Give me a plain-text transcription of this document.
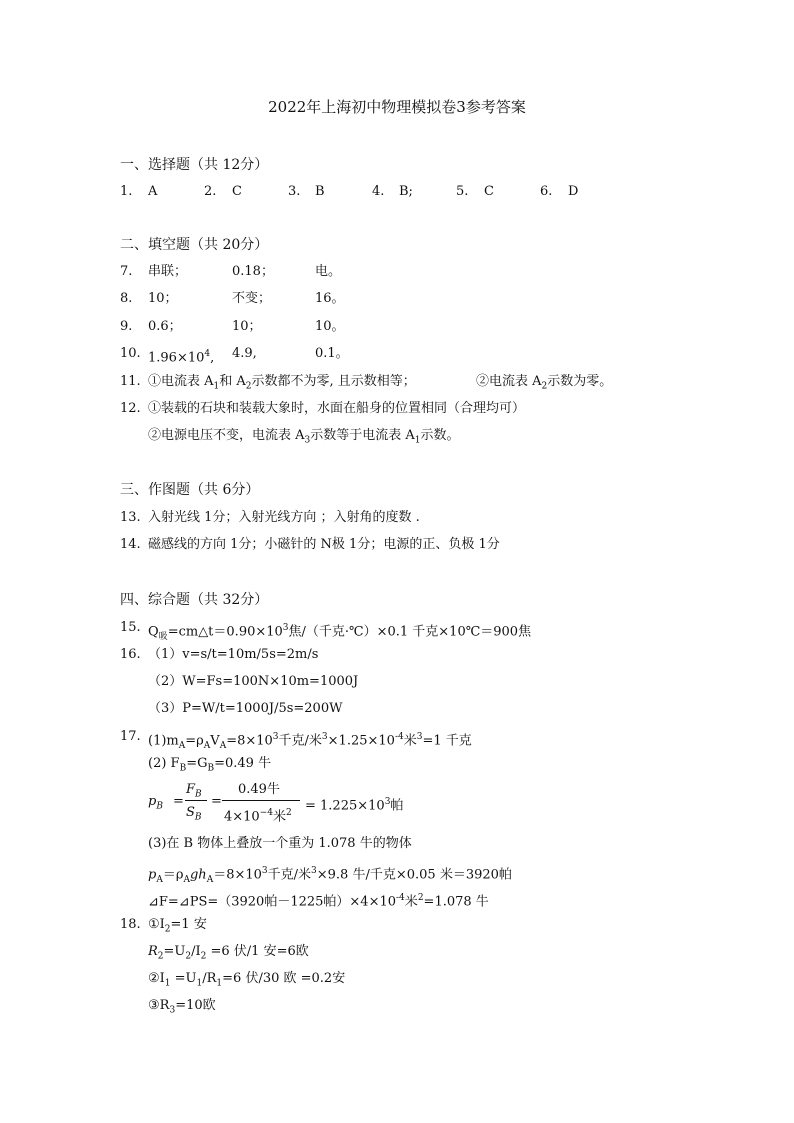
2022年上海初中物理模拟卷3参考答案
一、选择题（共 12分）
1. A	2. C	3. B	4. B;	5. C	6. D
二、填空题（共 20分）
7. 串联；	0.18；	电。
8. 10；	不变；	16。
9. 0.6；	10；	10。
10. $1.96\times 10^4$, 4.9,	0.1。
11. ①电流表 $A_1$和 $A_2$示数都不为零, 且示数相等；	②电流表 $A_2$示数为零。
12. ①装载的石块和装载大象时，水面在船身的位置相同（合理均可）
②电源电压不变，电流表 $A_3$示数等于电流表 $A_1$示数。
三、作图题（共 6分）
13. 入射光线 1分；入射光线方向 ；入射角的度数 .
14. 磁感线的方向 1分；小磁针的 N极 1分；电源的正、负极 1分
四、综合题（共 32分）
15. $Q_吸=cm\triangle t=0.90\times 10^3$焦/（千克·℃）×0.1 千克×10℃＝900焦
16. （1）v=s/t=10m/5s=2m/s
（2）W=Fs=100N×10m=1000J
（3）P=W/t=1000J/5s=200W
17. $(1)m_A=\rho_AV_A=8\times 10^3$千克/米$^3\times 1.25\times 10^{-4}$米$^3$=1 千克
(2) $F_B=G_B=0.49$ 牛
$p_B$ =
$F_B$
$S_B$
=
0.49牛
$4\times 10^{-4}$米$^2 = 1.225\times 10^3$帕
(3)在 B 物体上叠放一个重为 1.078 牛的物体
$p_A=\rho_Agh_A=8\times 10^3$千克/米$^3$×9.8 牛/千克×0.05 米＝3920帕
⊿F=⊿PS=（3920帕－1225帕）$\times 4\times 10^{-4}$米$^2$=1.078 牛
18. $①I_2=1$ 安
$R_2=U_2/I_2 =6$ 伏/1 安=6欧
$②I_1 =U_1/R_1=6$ 伏/30 欧 =0.2安
$③R_3=10$欧
